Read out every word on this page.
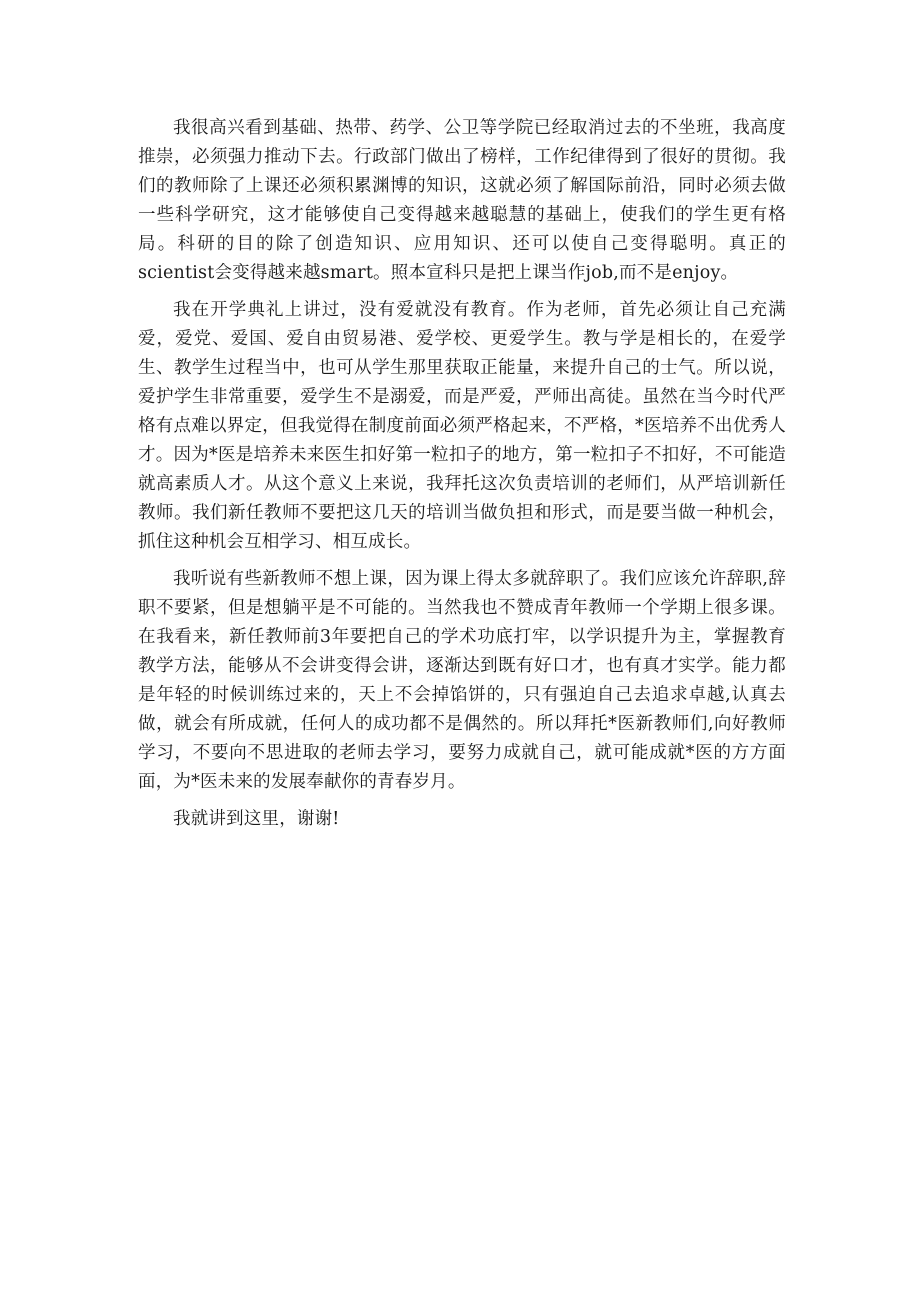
我很高兴看到基础、热带、药学、公卫等学院已经取消过去的不坐班，我高度推崇，必须强力推动下去。行政部门做出了榜样，工作纪律得到了很好的贯彻。我们的教师除了上课还必须积累渊博的知识，这就必须了解国际前沿，同时必须去做一些科学研究，这才能够使自己变得越来越聪慧的基础上，使我们的学生更有格局。科研的目的除了创造知识、应用知识、还可以使自己变得聪明。真正的scientist会变得越来越smart。照本宣科只是把上课当作job,而不是enjoy。

我在开学典礼上讲过，没有爱就没有教育。作为老师，首先必须让自己充满爱，爱党、爱国、爱自由贸易港、爱学校、更爱学生。教与学是相长的，在爱学生、教学生过程当中，也可从学生那里获取正能量，来提升自己的士气。所以说，爱护学生非常重要，爱学生不是溺爱，而是严爱，严师出高徒。虽然在当今时代严格有点难以界定，但我觉得在制度前面必须严格起来，不严格，*医培养不出优秀人才。因为*医是培养未来医生扣好第一粒扣子的地方，第一粒扣子不扣好，不可能造就高素质人才。从这个意义上来说，我拜托这次负责培训的老师们，从严培训新任教师。我们新任教师不要把这几天的培训当做负担和形式，而是要当做一种机会，抓住这种机会互相学习、相互成长。

我听说有些新教师不想上课，因为课上得太多就辞职了。我们应该允许辞职,辞职不要紧，但是想躺平是不可能的。当然我也不赞成青年教师一个学期上很多课。在我看来，新任教师前3年要把自己的学术功底打牢，以学识提升为主，掌握教育教学方法，能够从不会讲变得会讲，逐渐达到既有好口才，也有真才实学。能力都是年轻的时候训练过来的，天上不会掉馅饼的，只有强迫自己去追求卓越,认真去做，就会有所成就，任何人的成功都不是偶然的。所以拜托*医新教师们,向好教师学习，不要向不思进取的老师去学习，要努力成就自己，就可能成就*医的方方面面，为*医未来的发展奉献你的青春岁月。

我就讲到这里，谢谢!
